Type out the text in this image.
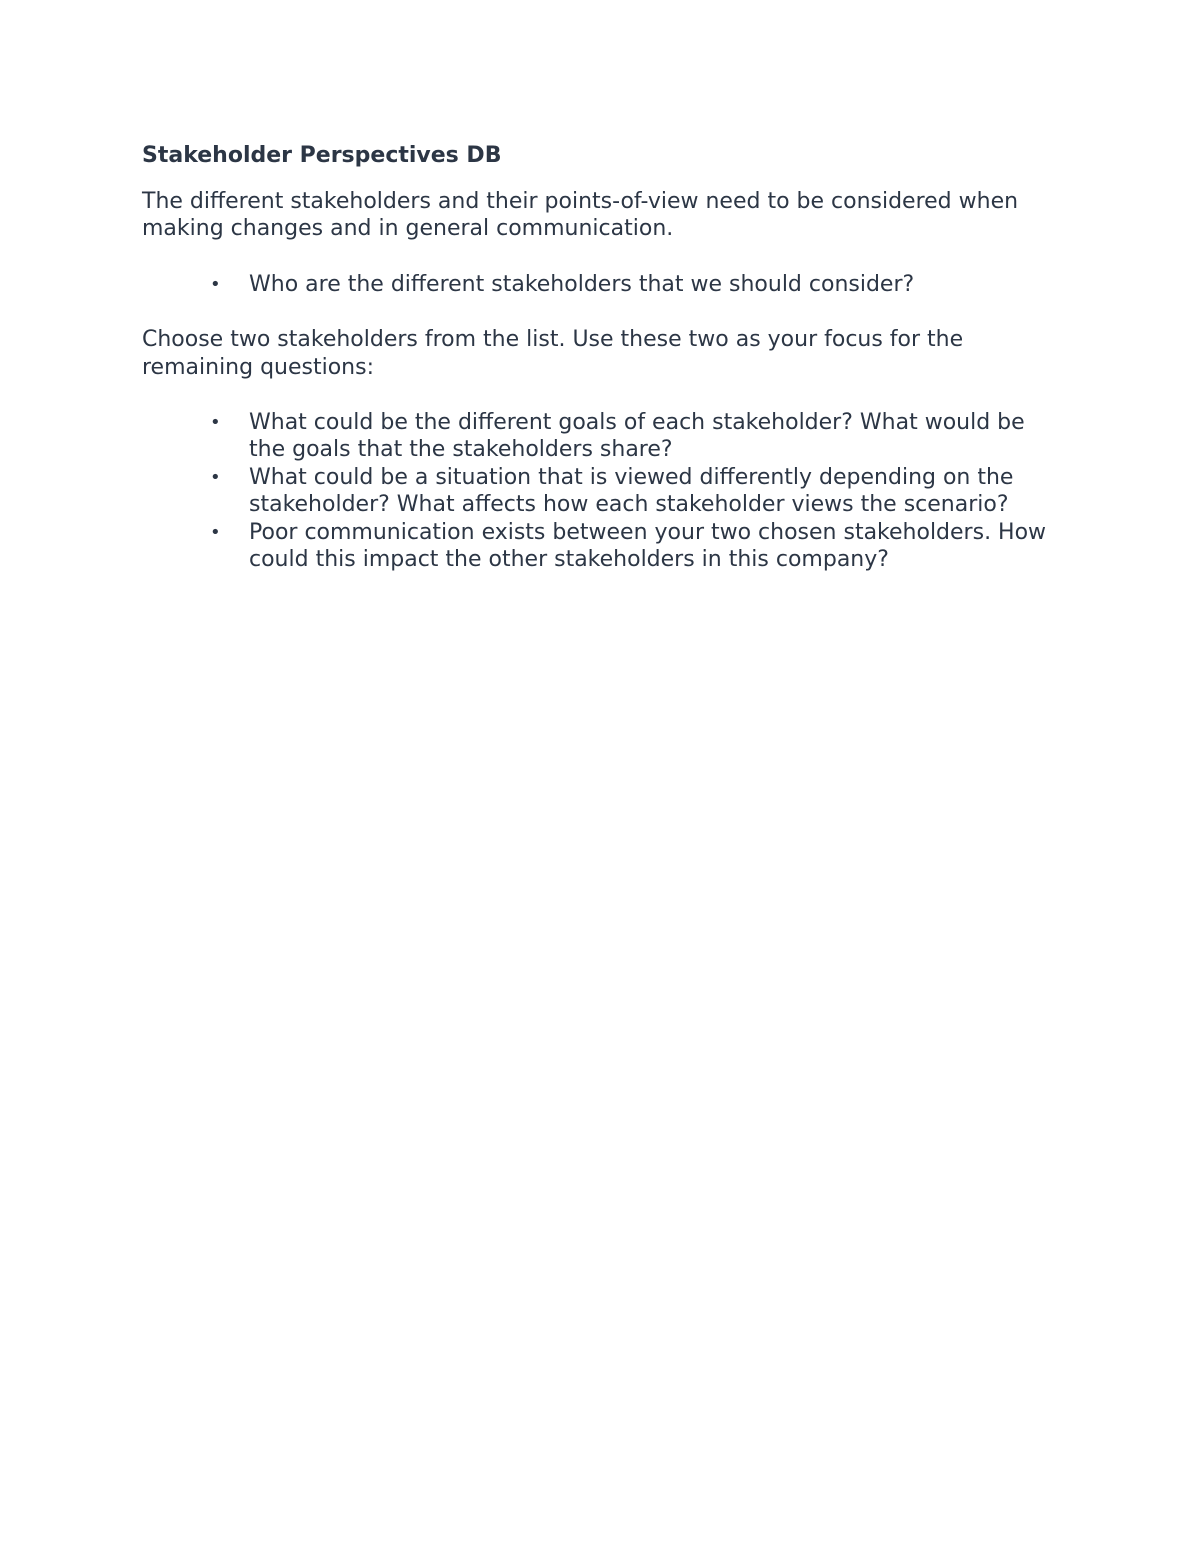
Stakeholder Perspectives DB

The different stakeholders and their points-of-view need to be considered when making changes and in general communication.

• Who are the different stakeholders that we should consider?

Choose two stakeholders from the list. Use these two as your focus for the remaining questions:

• What could be the different goals of each stakeholder? What would be the goals that the stakeholders share?
• What could be a situation that is viewed differently depending on the stakeholder? What affects how each stakeholder views the scenario?
• Poor communication exists between your two chosen stakeholders. How could this impact the other stakeholders in this company?
